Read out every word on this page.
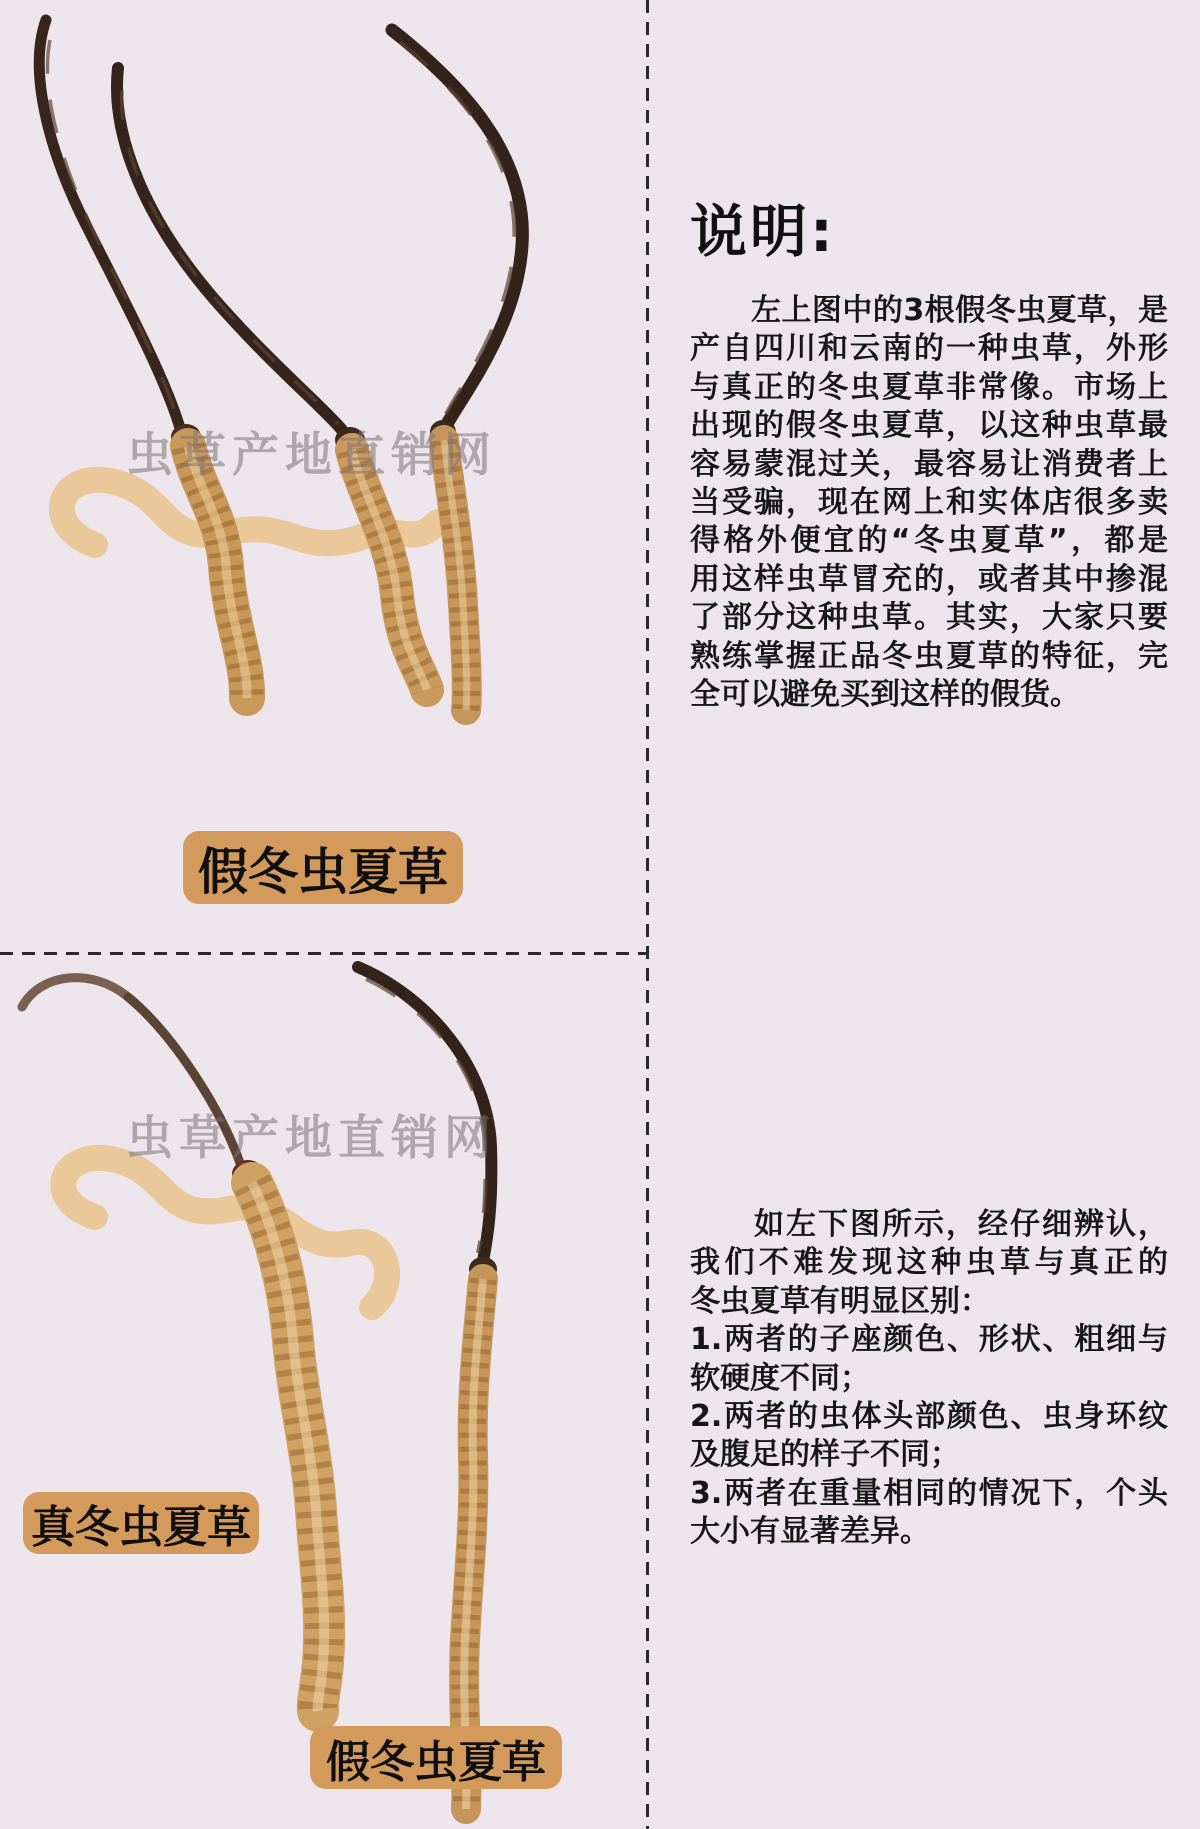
虫草产地直销网
假冬虫夏草
虫草产地直销网
真冬虫夏草
假冬虫夏草
说明:
　　左上图中的3根假冬虫夏草，是
产自四川和云南的一种虫草，外形
与真正的冬虫夏草非常像。市场上
出现的假冬虫夏草，以这种虫草最
容易蒙混过关，最容易让消费者上
当受骗，现在网上和实体店很多卖
得格外便宜的“冬虫夏草”，都是
用这样虫草冒充的，或者其中掺混
了部分这种虫草。其实，大家只要
熟练掌握正品冬虫夏草的特征，完
全可以避免买到这样的假货。
　　如左下图所示，经仔细辨认，
我们不难发现这种虫草与真正的
冬虫夏草有明显区别：
1.两者的子座颜色、形状、粗细与
软硬度不同；
2.两者的虫体头部颜色、虫身环纹
及腹足的样子不同；
3.两者在重量相同的情况下，个头
大小有显著差异。
